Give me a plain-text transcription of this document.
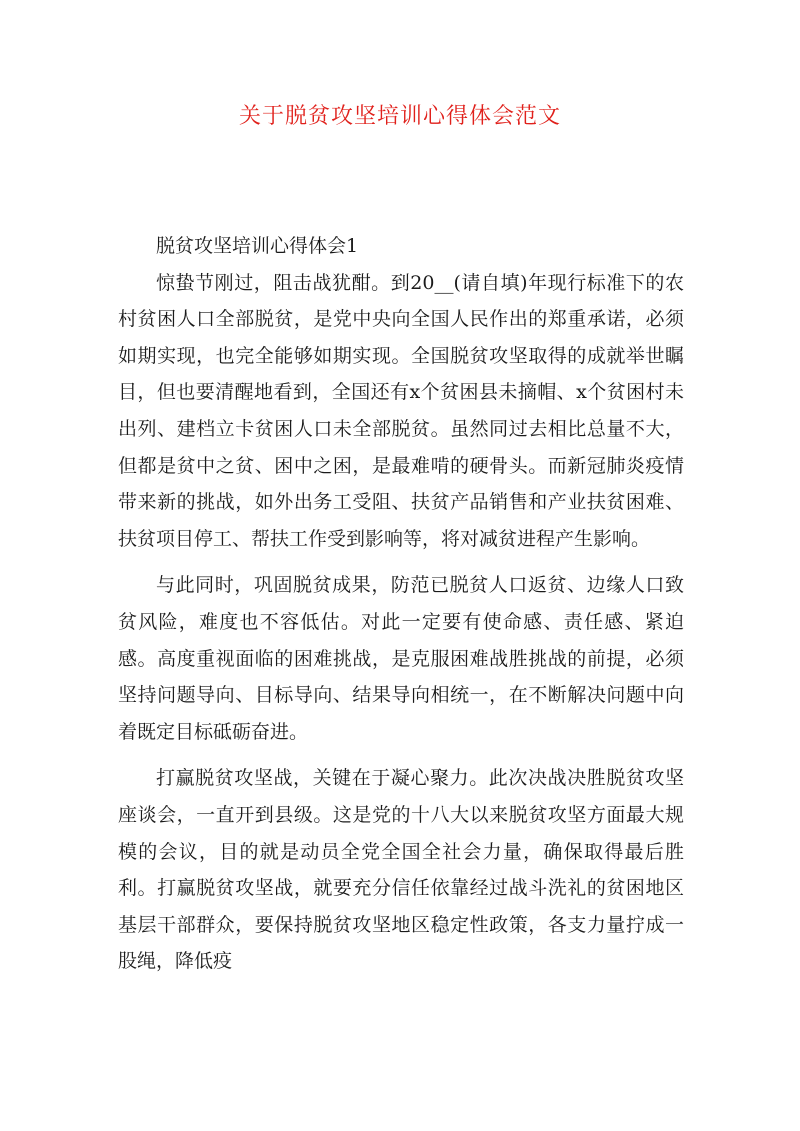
关于脱贫攻坚培训心得体会范文

脱贫攻坚培训心得体会1

惊蛰节刚过，阻击战犹酣。到20__(请自填)年现行标准下的农村贫困人口全部脱贫，是党中央向全国人民作出的郑重承诺，必须如期实现，也完全能够如期实现。全国脱贫攻坚取得的成就举世瞩目，但也要清醒地看到，全国还有x个贫困县未摘帽、x个贫困村未出列、建档立卡贫困人口未全部脱贫。虽然同过去相比总量不大，但都是贫中之贫、困中之困，是最难啃的硬骨头。而新冠肺炎疫情带来新的挑战，如外出务工受阻、扶贫产品销售和产业扶贫困难、扶贫项目停工、帮扶工作受到影响等，将对减贫进程产生影响。

与此同时，巩固脱贫成果，防范已脱贫人口返贫、边缘人口致贫风险，难度也不容低估。对此一定要有使命感、责任感、紧迫感。高度重视面临的困难挑战，是克服困难战胜挑战的前提，必须坚持问题导向、目标导向、结果导向相统一，在不断解决问题中向着既定目标砥砺奋进。

打赢脱贫攻坚战，关键在于凝心聚力。此次决战决胜脱贫攻坚座谈会，一直开到县级。这是党的十八大以来脱贫攻坚方面最大规模的会议，目的就是动员全党全国全社会力量，确保取得最后胜利。打赢脱贫攻坚战，就要充分信任依靠经过战斗洗礼的贫困地区基层干部群众，要保持脱贫攻坚地区稳定性政策，各支力量拧成一股绳，降低疫
